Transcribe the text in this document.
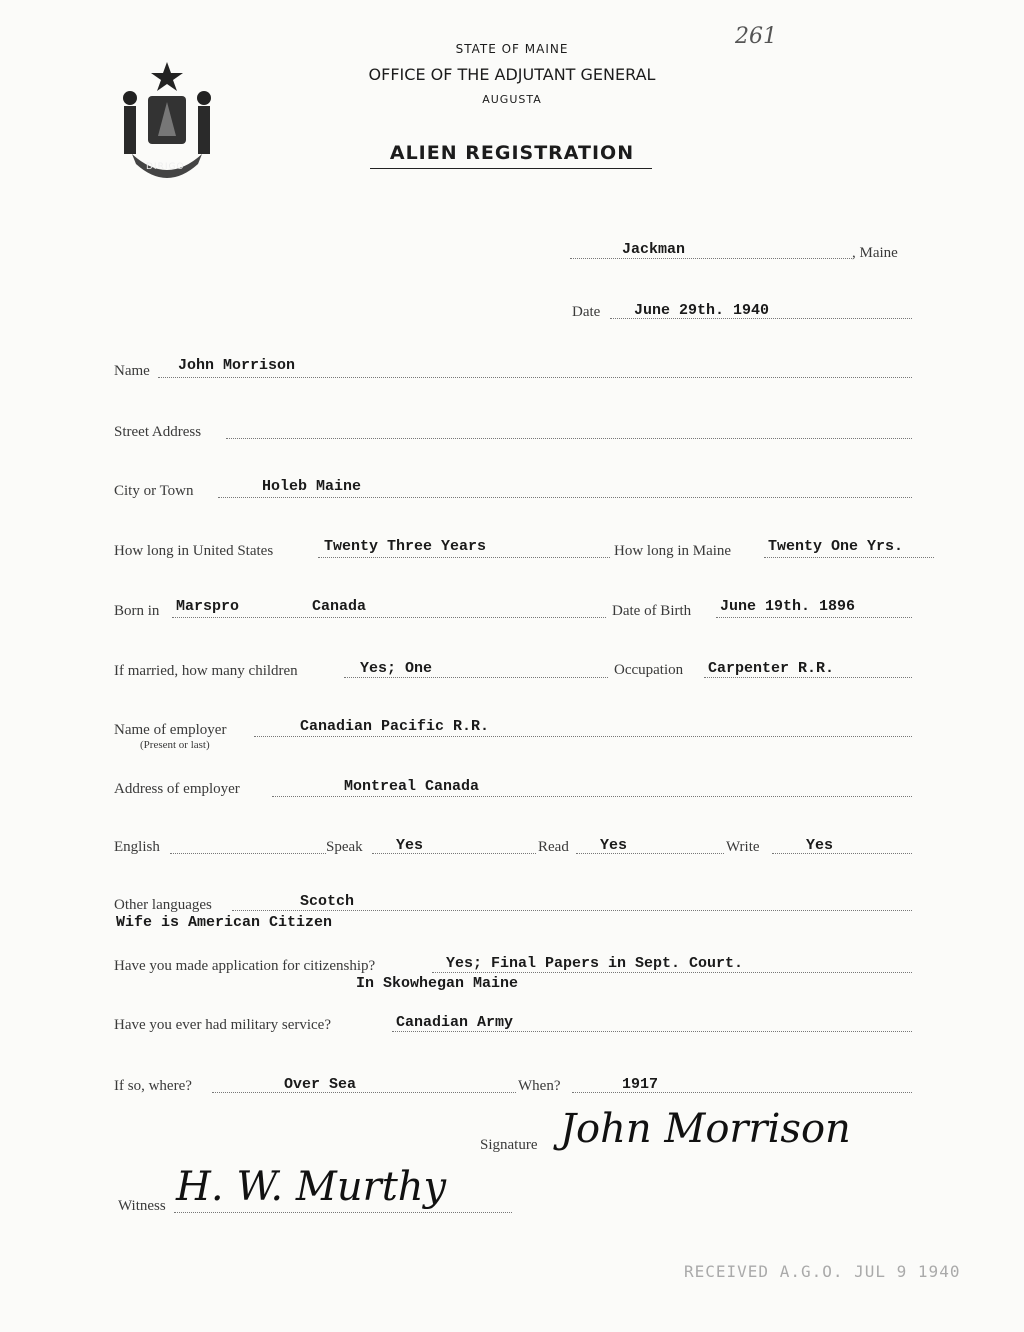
261
DIRIGO
STATE OF MAINE
OFFICE OF THE ADJUTANT GENERAL
AUGUSTA
ALIEN REGISTRATION
Jackman	, Maine
Date June 29th. 1940
Name John Morrison
Street Address
City or Town	Holeb Maine
How long in United States	Twenty Three Years	How long in Maine Twenty One Yrs.
Born in Marspro	Canada	Date of Birth June 19th. 1896
If married, how many children	Yes; One	Occupation Carpenter R.R.
Name of employer
(Present or last)
Canadian Pacific R.R.
Address of employer	Montreal Canada
English	Speak Yes	Read Yes	Write	Yes
Other languages	Scotch
Wife is American Citizen
Have you made application for citizenship?	Yes; Final Papers in Sept. Court.
In Skowhegan Maine
Have you ever had military service?	Canadian Army
If so, where?	Over Sea	When?	1917
Signature John Morrison
Witness H. W. Murthy
RECEIVED A.G.O. JUL 9 1940
